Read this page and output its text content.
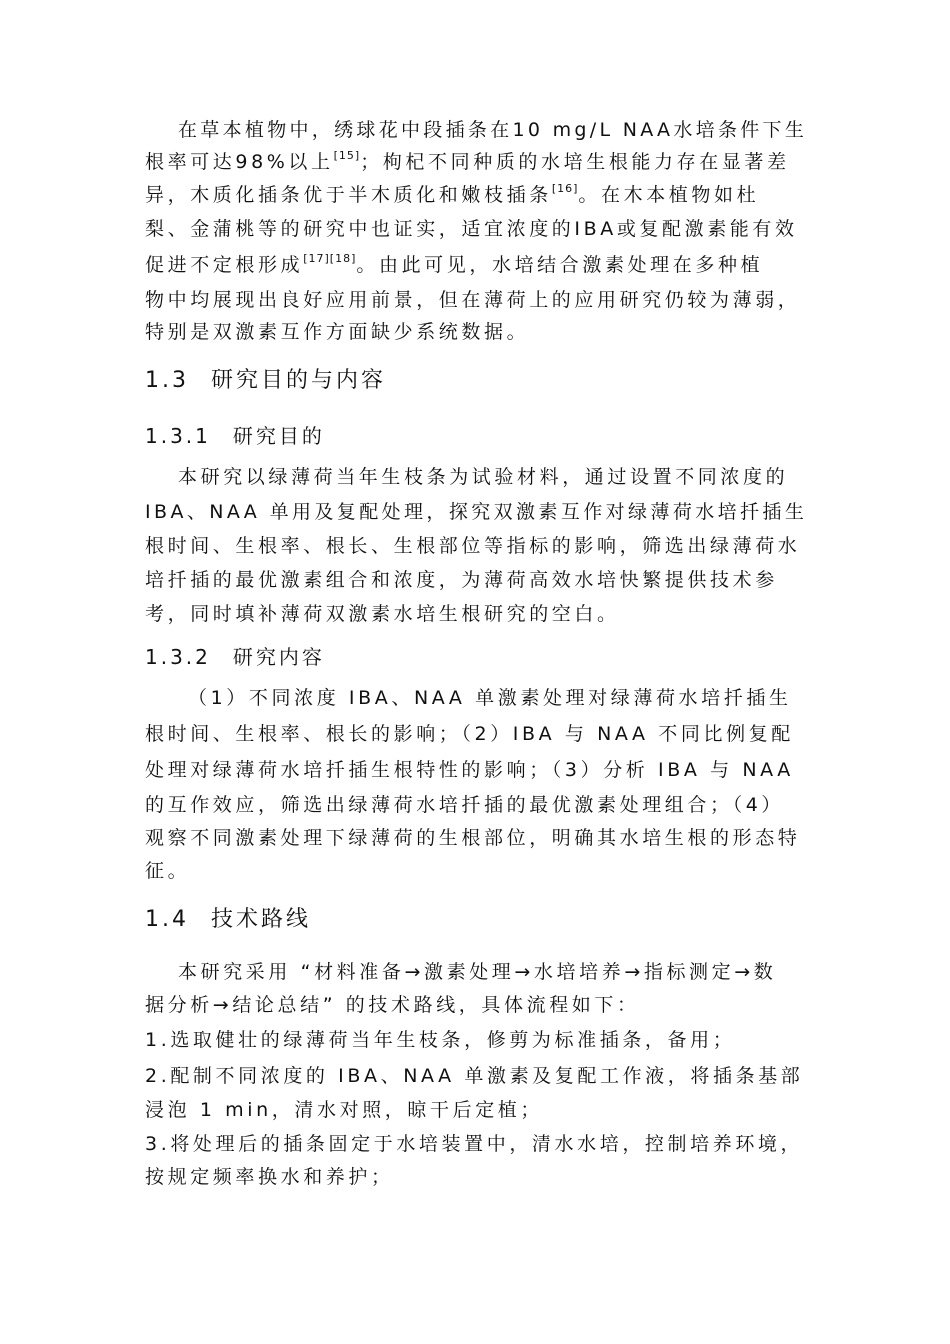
在草本植物中，绣球花中段插条在10 mg/L NAA水培条件下生
根率可达98%以上[15]；枸杞不同种质的水培生根能力存在显著差
异，木质化插条优于半木质化和嫩枝插条[16]。在木本植物如杜
梨、金蒲桃等的研究中也证实，适宜浓度的IBA或复配激素能有效
促进不定根形成[17][18]。由此可见，水培结合激素处理在多种植
物中均展现出良好应用前景，但在薄荷上的应用研究仍较为薄弱，
特别是双激素互作方面缺少系统数据。
1.3 研究目的与内容
1.3.1 研究目的
本研究以绿薄荷当年生枝条为试验材料，通过设置不同浓度的
IBA、NAA 单用及复配处理，探究双激素互作对绿薄荷水培扦插生
根时间、生根率、根长、生根部位等指标的影响，筛选出绿薄荷水
培扦插的最优激素组合和浓度，为薄荷高效水培快繁提供技术参
考，同时填补薄荷双激素水培生根研究的空白。
1.3.2 研究内容
（1）不同浓度 IBA、NAA 单激素处理对绿薄荷水培扦插生
根时间、生根率、根长的影响；（2）IBA 与 NAA 不同比例复配
处理对绿薄荷水培扦插生根特性的影响；（3）分析 IBA 与 NAA
的互作效应，筛选出绿薄荷水培扦插的最优激素处理组合；（4）
观察不同激素处理下绿薄荷的生根部位，明确其水培生根的形态特
征。
1.4 技术路线
本研究采用 “材料准备→激素处理→水培培养→指标测定→数
据分析→结论总结” 的技术路线，具体流程如下：
1.选取健壮的绿薄荷当年生枝条，修剪为标准插条，备用；
2.配制不同浓度的 IBA、NAA 单激素及复配工作液，将插条基部
浸泡 1 min，清水对照，晾干后定植；
3.将处理后的插条固定于水培装置中，清水水培，控制培养环境，
按规定频率换水和养护；
